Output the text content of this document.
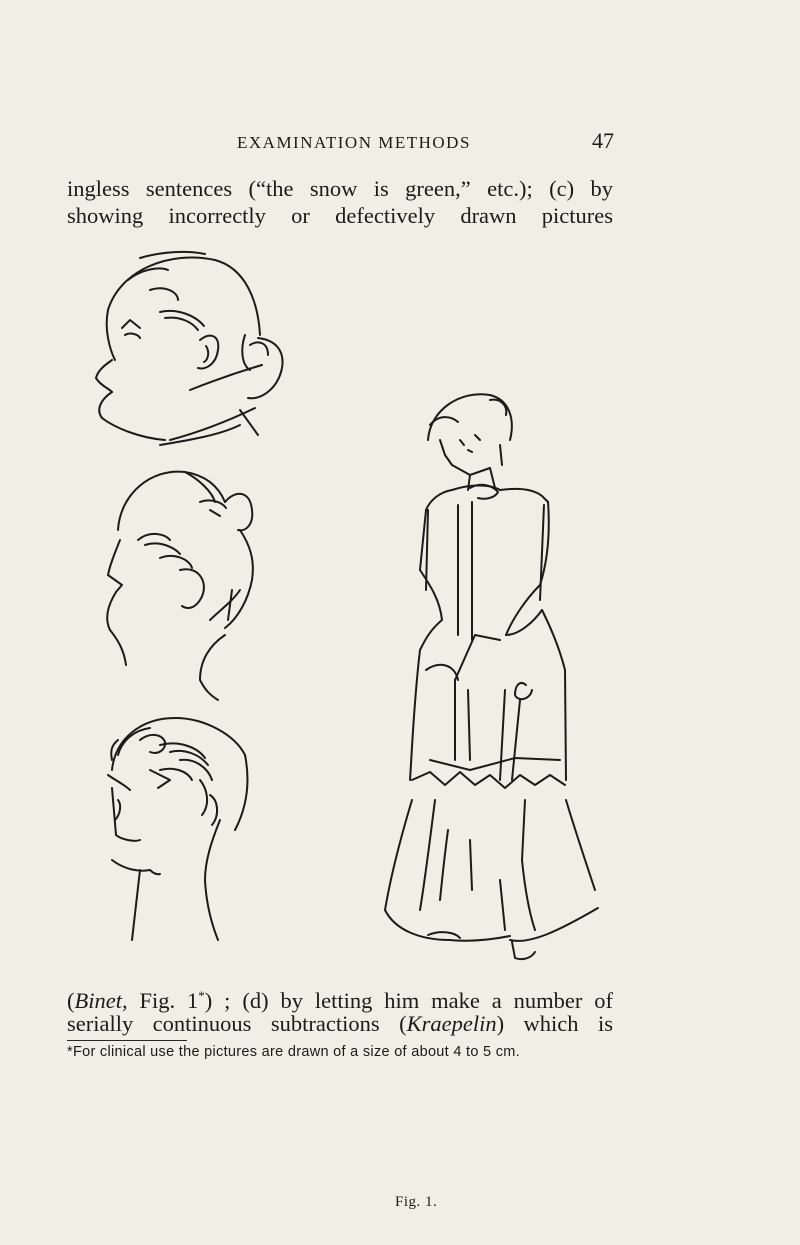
EXAMINATION METHODS	47
ingless sentences (“the snow is green,” etc.); (c) by
showing incorrectly or defectively drawn pictures
Fig. 1.
(Binet, Fig. 1*) ; (d) by letting him make a number of
serially continuous subtractions (Kraepelin) which is
*For clinical use the pictures are drawn of a size of about 4 to 5 cm.
